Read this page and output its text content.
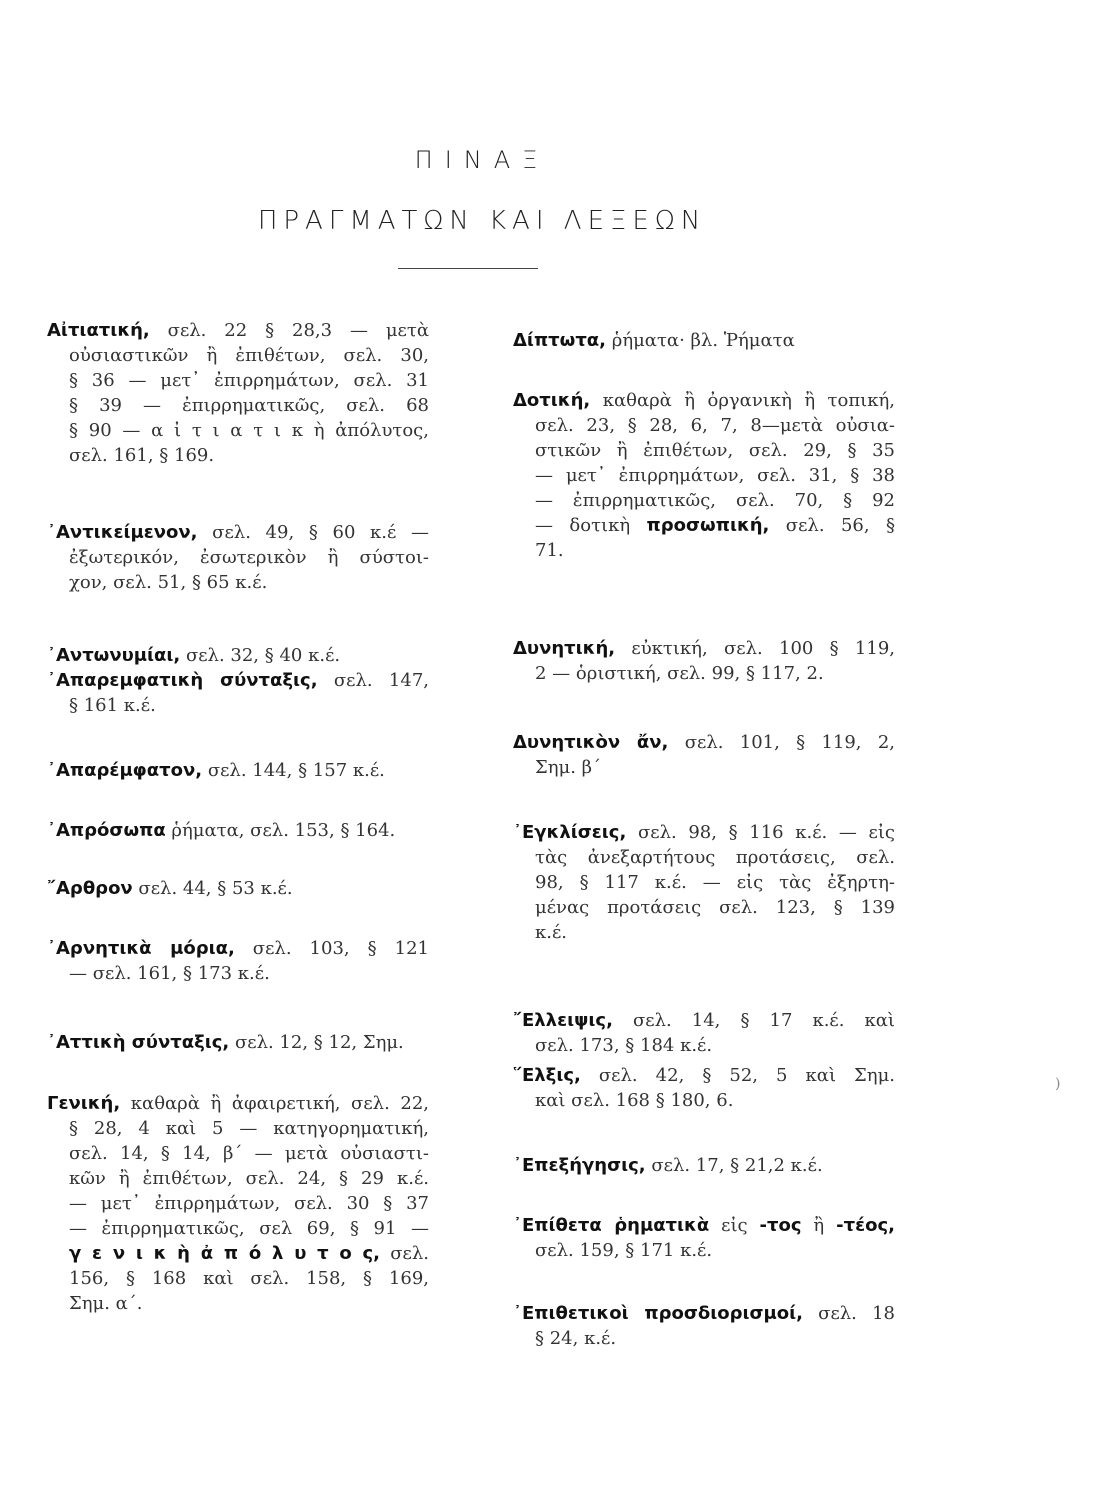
ΠΙΝΑΞ
ΠΡΑΓΜΑΤΩΝ ΚΑΙ ΛΕΞΕΩΝ
Αἰτιατική, σελ. 22 § 28,3 — μετὰ
οὐσιαστικῶν ἢ ἐπιθέτων, σελ. 30,
§ 36 — μετ᾽ ἐπιρρημάτων, σελ. 31
§ 39 — ἐπιρρηματικῶς, σελ. 68
§ 90 — α ἰ τ ι α τ ι κ ὴ ἀπόλυτος,
σελ. 161, § 169.
᾽Αντικείμενον, σελ. 49, § 60 κ.έ —
ἐξωτερικόν, ἐσωτερικὸν ἢ σύστοι-
χον, σελ. 51, § 65 κ.έ.
᾽Αντωνυμίαι, σελ. 32, § 40 κ.έ.
᾽Απαρεμφατικὴ σύνταξις, σελ. 147,
§ 161 κ.έ.
᾽Απαρέμφατον, σελ. 144, § 157 κ.έ.
᾽Απρόσωπα ῥήματα, σελ. 153, § 164.
῎Αρθρον σελ. 44, § 53 κ.έ.
᾽Αρνητικὰ μόρια, σελ. 103, § 121
— σελ. 161, § 173 κ.έ.
᾽Αττικὴ σύνταξις, σελ. 12, § 12, Σημ.
Γενική, καθαρὰ ἢ ἀφαιρετική, σελ. 22,
§ 28, 4 καὶ 5 — κατηγορηματική,
σελ. 14, § 14, β΄ — μετὰ οὐσιαστι-
κῶν ἢ ἐπιθέτων, σελ. 24, § 29 κ.έ.
— μετ᾽ ἐπιρρημάτων, σελ. 30 § 37
— ἐπιρρηματικῶς, σελ 69, § 91 —
γ ε ν ι κ ὴ ἀ π ό λ υ τ ο ς, σελ.
156, § 168 καὶ σελ. 158, § 169,
Σημ. α΄.
Δίπτωτα, ῥήματα· βλ. Ῥήματα
Δοτική, καθαρὰ ἢ ὀργανικὴ ἢ τοπική,
σελ. 23, § 28, 6, 7, 8—μετὰ οὐσια-
στικῶν ἢ ἐπιθέτων, σελ. 29, § 35
— μετ᾽ ἐπιρρημάτων, σελ. 31, § 38
— ἐπιρρηματικῶς, σελ. 70, § 92
— δοτικὴ προσωπική, σελ. 56, §
71.
Δυνητική, εὐκτική, σελ. 100 § 119,
2 — ὁριστική, σελ. 99, § 117, 2.
Δυνητικὸν ἄν, σελ. 101, § 119, 2,
Σημ. β΄
᾽Εγκλίσεις, σελ. 98, § 116 κ.έ. — εἰς
τὰς ἀνεξαρτήτους προτάσεις, σελ.
98, § 117 κ.έ. — εἰς τὰς ἐξηρτη-
μένας προτάσεις σελ. 123, § 139
κ.έ.
῎Ελλειψις, σελ. 14, § 17 κ.έ. καὶ
σελ. 173, § 184 κ.έ.
῞Ελξις, σελ. 42, § 52, 5 καὶ Σημ.
καὶ σελ. 168 § 180, 6.
᾽Επεξήγησις, σελ. 17, § 21,2 κ.έ.
᾽Επίθετα ῥηματικὰ εἰς -τος ἢ -τέος,
σελ. 159, § 171 κ.έ.
᾽Επιθετικοὶ προσδιορισμοί, σελ. 18
§ 24, κ.έ.
)
